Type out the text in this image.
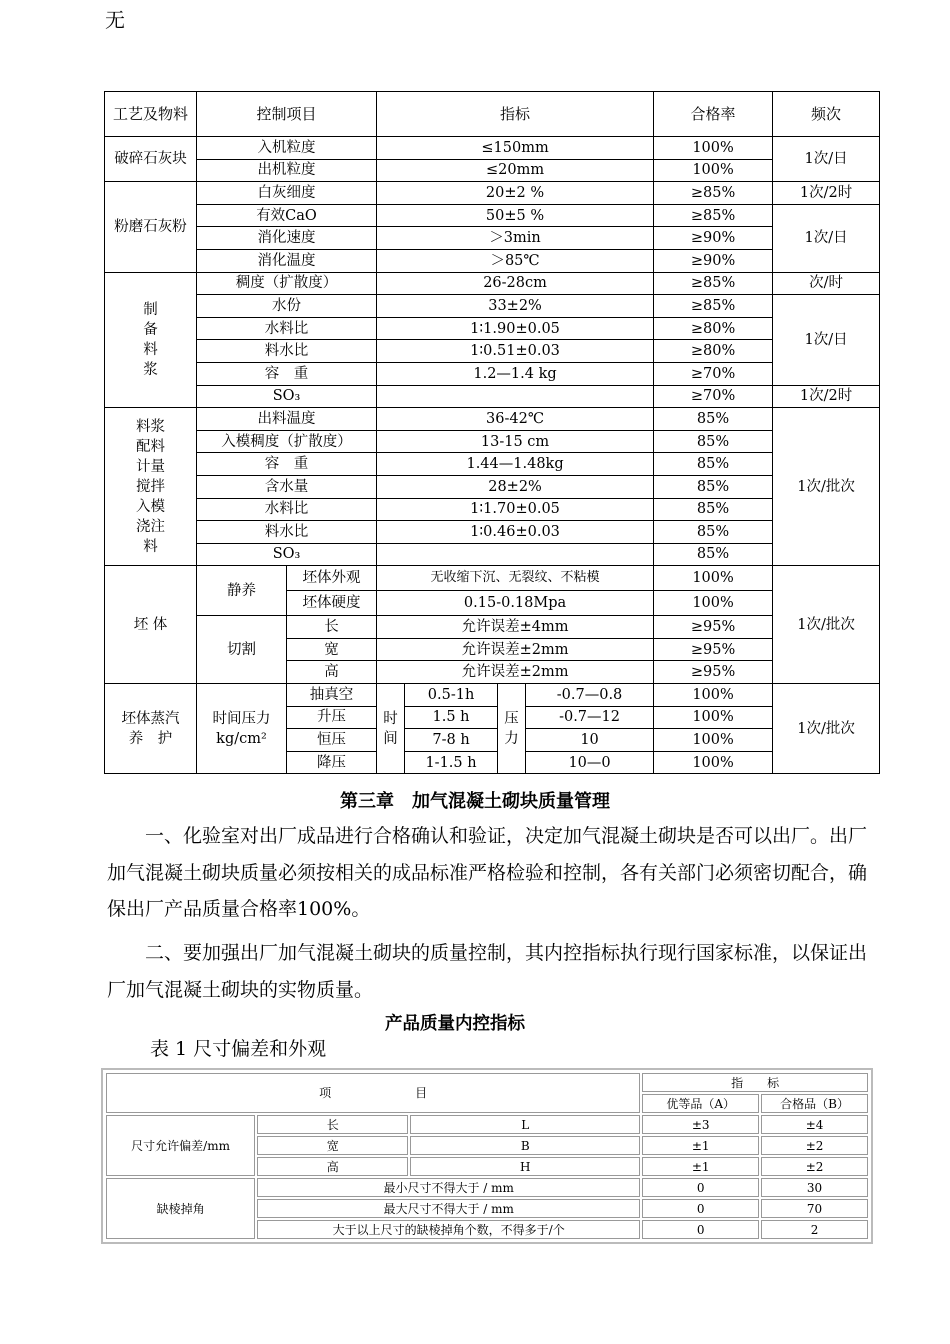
无
工艺及物料	控制项目		指标				合格率	频次
破碎石灰块	入机粒度		≤150mm				100%	1次/日
	出机粒度		≤20mm				100%	
粉磨石灰粉	白灰细度		20±2 %				≥85%	1次/2时
	有效CaO		50±5 %				≥85%	1次/日
	消化速度		＞3min				≥90%	
	消化温度		＞85℃				≥90%	
制备料浆	稠度（扩散度）		26-28cm				≥85%	次/时
	水份		33±2%				≥85%	1次/日
	水料比		1∶1.90±0.05				≥80%	
	料水比		1∶0.51±0.03				≥80%	
	容　重		1.2—1.4 kg				≥70%	
	SO₃						≥70%	1次/2时
料浆配料计量搅拌入模浇注料	出料温度		36-42℃				85%	1次/批次
	入模稠度（扩散度）		13-15 cm				85%	
	容　重		1.44—1.48kg				85%	
	含水量		28±2%				85%	
	水料比		1∶1.70±0.05				85%	
	料水比		1∶0.46±0.03				85%	
	SO₃						85%	
坯 体	静养	坯体外观	无收缩下沉、无裂纹、不粘模				100%	1次/批次
		坯体硬度	0.15-0.18Mpa				100%	
	切割	长	允许误差±4mm				≥95%	
		宽	允许误差±2mm				≥95%	
		高	允许误差±2mm				≥95%	
坯体蒸汽养　护	时间压力kg/cm²	抽真空	时间	0.5-1h	压力	-0.7—0.8	100%	1次/批次
		升压		1.5 h		-0.7—12	100%	
		恒压		7-8 h		10	100%	
		降压		1-1.5 h		10—0	100%	
第三章　加气混凝土砌块质量管理
一、化验室对出厂成品进行合格确认和验证，决定加气混凝土砌块是否可以出厂。出厂加气混凝土砌块质量必须按相关的成品标准严格检验和控制，各有关部门必须密切配合，确保出厂产品质量合格率100%。
二、要加强出厂加气混凝土砌块的质量控制，其内控指标执行现行国家标准，以保证出厂加气混凝土砌块的实物质量。
产品质量内控指标
表 1 尺寸偏差和外观
项　　　　　　　目			指　　标	
			优等品（A）	合格品（B）
尺寸允许偏差/mm	长	L	±3	±4
	宽	B	±1	±2
	高	H	±1	±2
缺棱掉角	最小尺寸不得大于 / mm		0	30
	最大尺寸不得大于 / mm		0	70
	大于以上尺寸的缺棱掉角个数，不得多于/个		0	2
